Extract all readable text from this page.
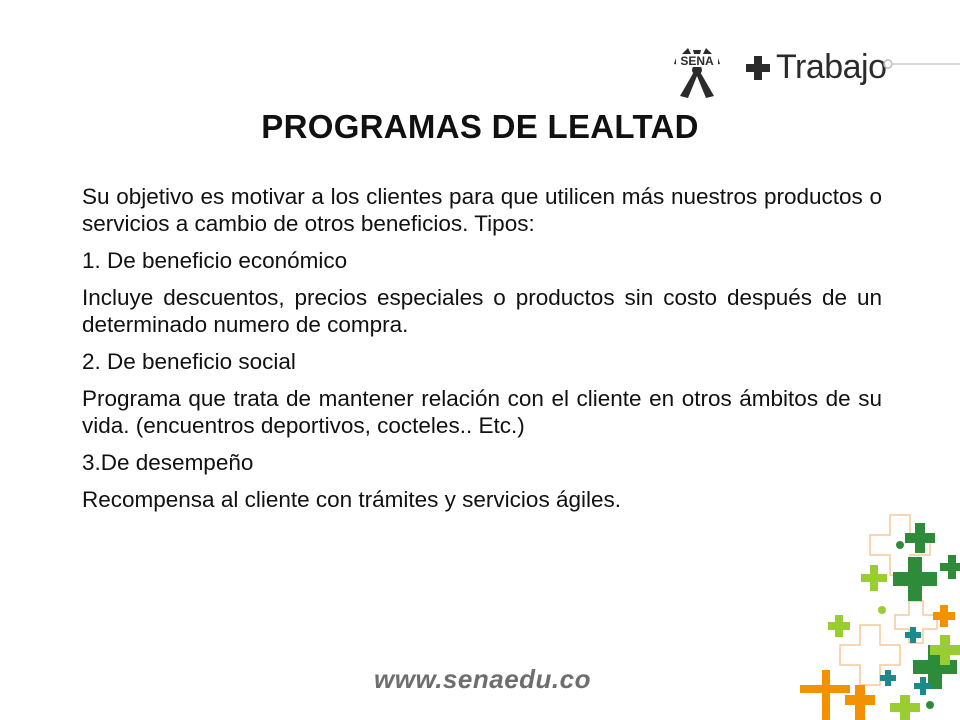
SENA Trabajo
PROGRAMAS DE LEALTAD

Su objetivo es motivar a los clientes para que utilicen más nuestros productos o servicios a cambio de otros beneficios. Tipos:

1. De beneficio económico

Incluye descuentos, precios especiales o productos sin costo después de un determinado numero de compra.

2. De beneficio social

Programa que trata de mantener relación con el cliente en otros ámbitos de su vida. (encuentros deportivos, cocteles.. Etc.)

3.De desempeño

Recompensa al cliente con trámites y servicios ágiles.

www.senaedu.co
